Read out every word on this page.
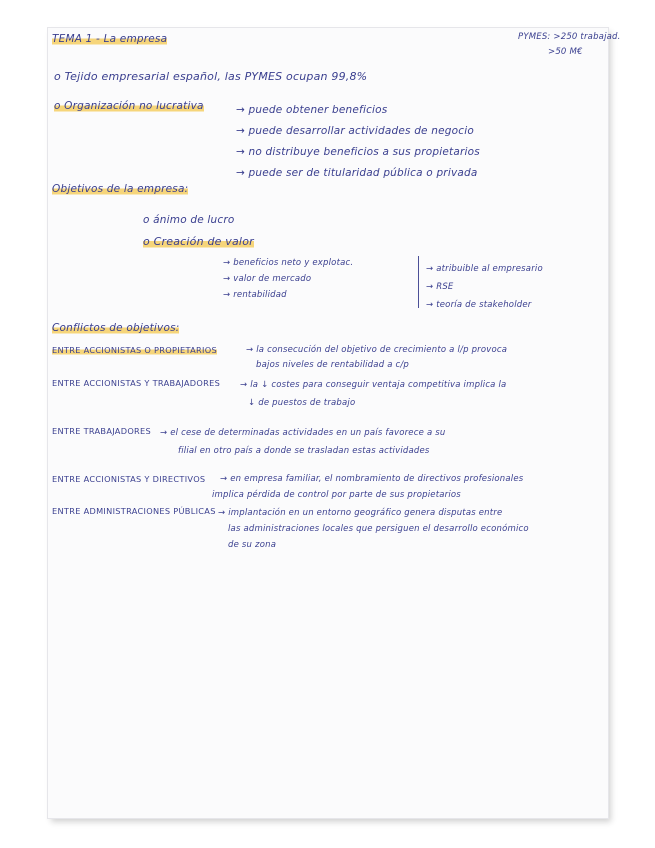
TEMA 1 - La empresa	PYMES: >250 trabajad.

>50 M€

o Tejido empresarial español, las PYMES ocupan 99,8%

o Organización no lucrativa	→ puede obtener beneficios

→ puede desarrollar actividades de negocio

→ no distribuye beneficios a sus propietarios

→ puede ser de titularidad pública o privada

Objetivos de la empresa:

o ánimo de lucro

o Creación de valor

→ beneficios neto y explotac.

→ valor de mercado

→ rentabilidad

→ atribuible al empresario

→ RSE

→ teoría de stakeholder

Conflictos de objetivos:

ENTRE ACCIONISTAS O PROPIETARIOS	→ la consecución del objetivo de crecimiento a l/p provoca

bajos niveles de rentabilidad a c/p

ENTRE ACCIONISTAS Y TRABAJADORES → la ↓ costes para conseguir ventaja competitiva implica la

↓ de puestos de trabajo

ENTRE TRABAJADORES → el cese de determinadas actividades en un país favorece a su

filial en otro país a donde se trasladan estas actividades

ENTRE ACCIONISTAS Y DIRECTIVOS → en empresa familiar, el nombramiento de directivos profesionales

implica pérdida de control por parte de sus propietarios

ENTRE ADMINISTRACIONES PÚBLICAS → implantación en un entorno geográfico genera disputas entre

las administraciones locales que persiguen el desarrollo económico

de su zona
